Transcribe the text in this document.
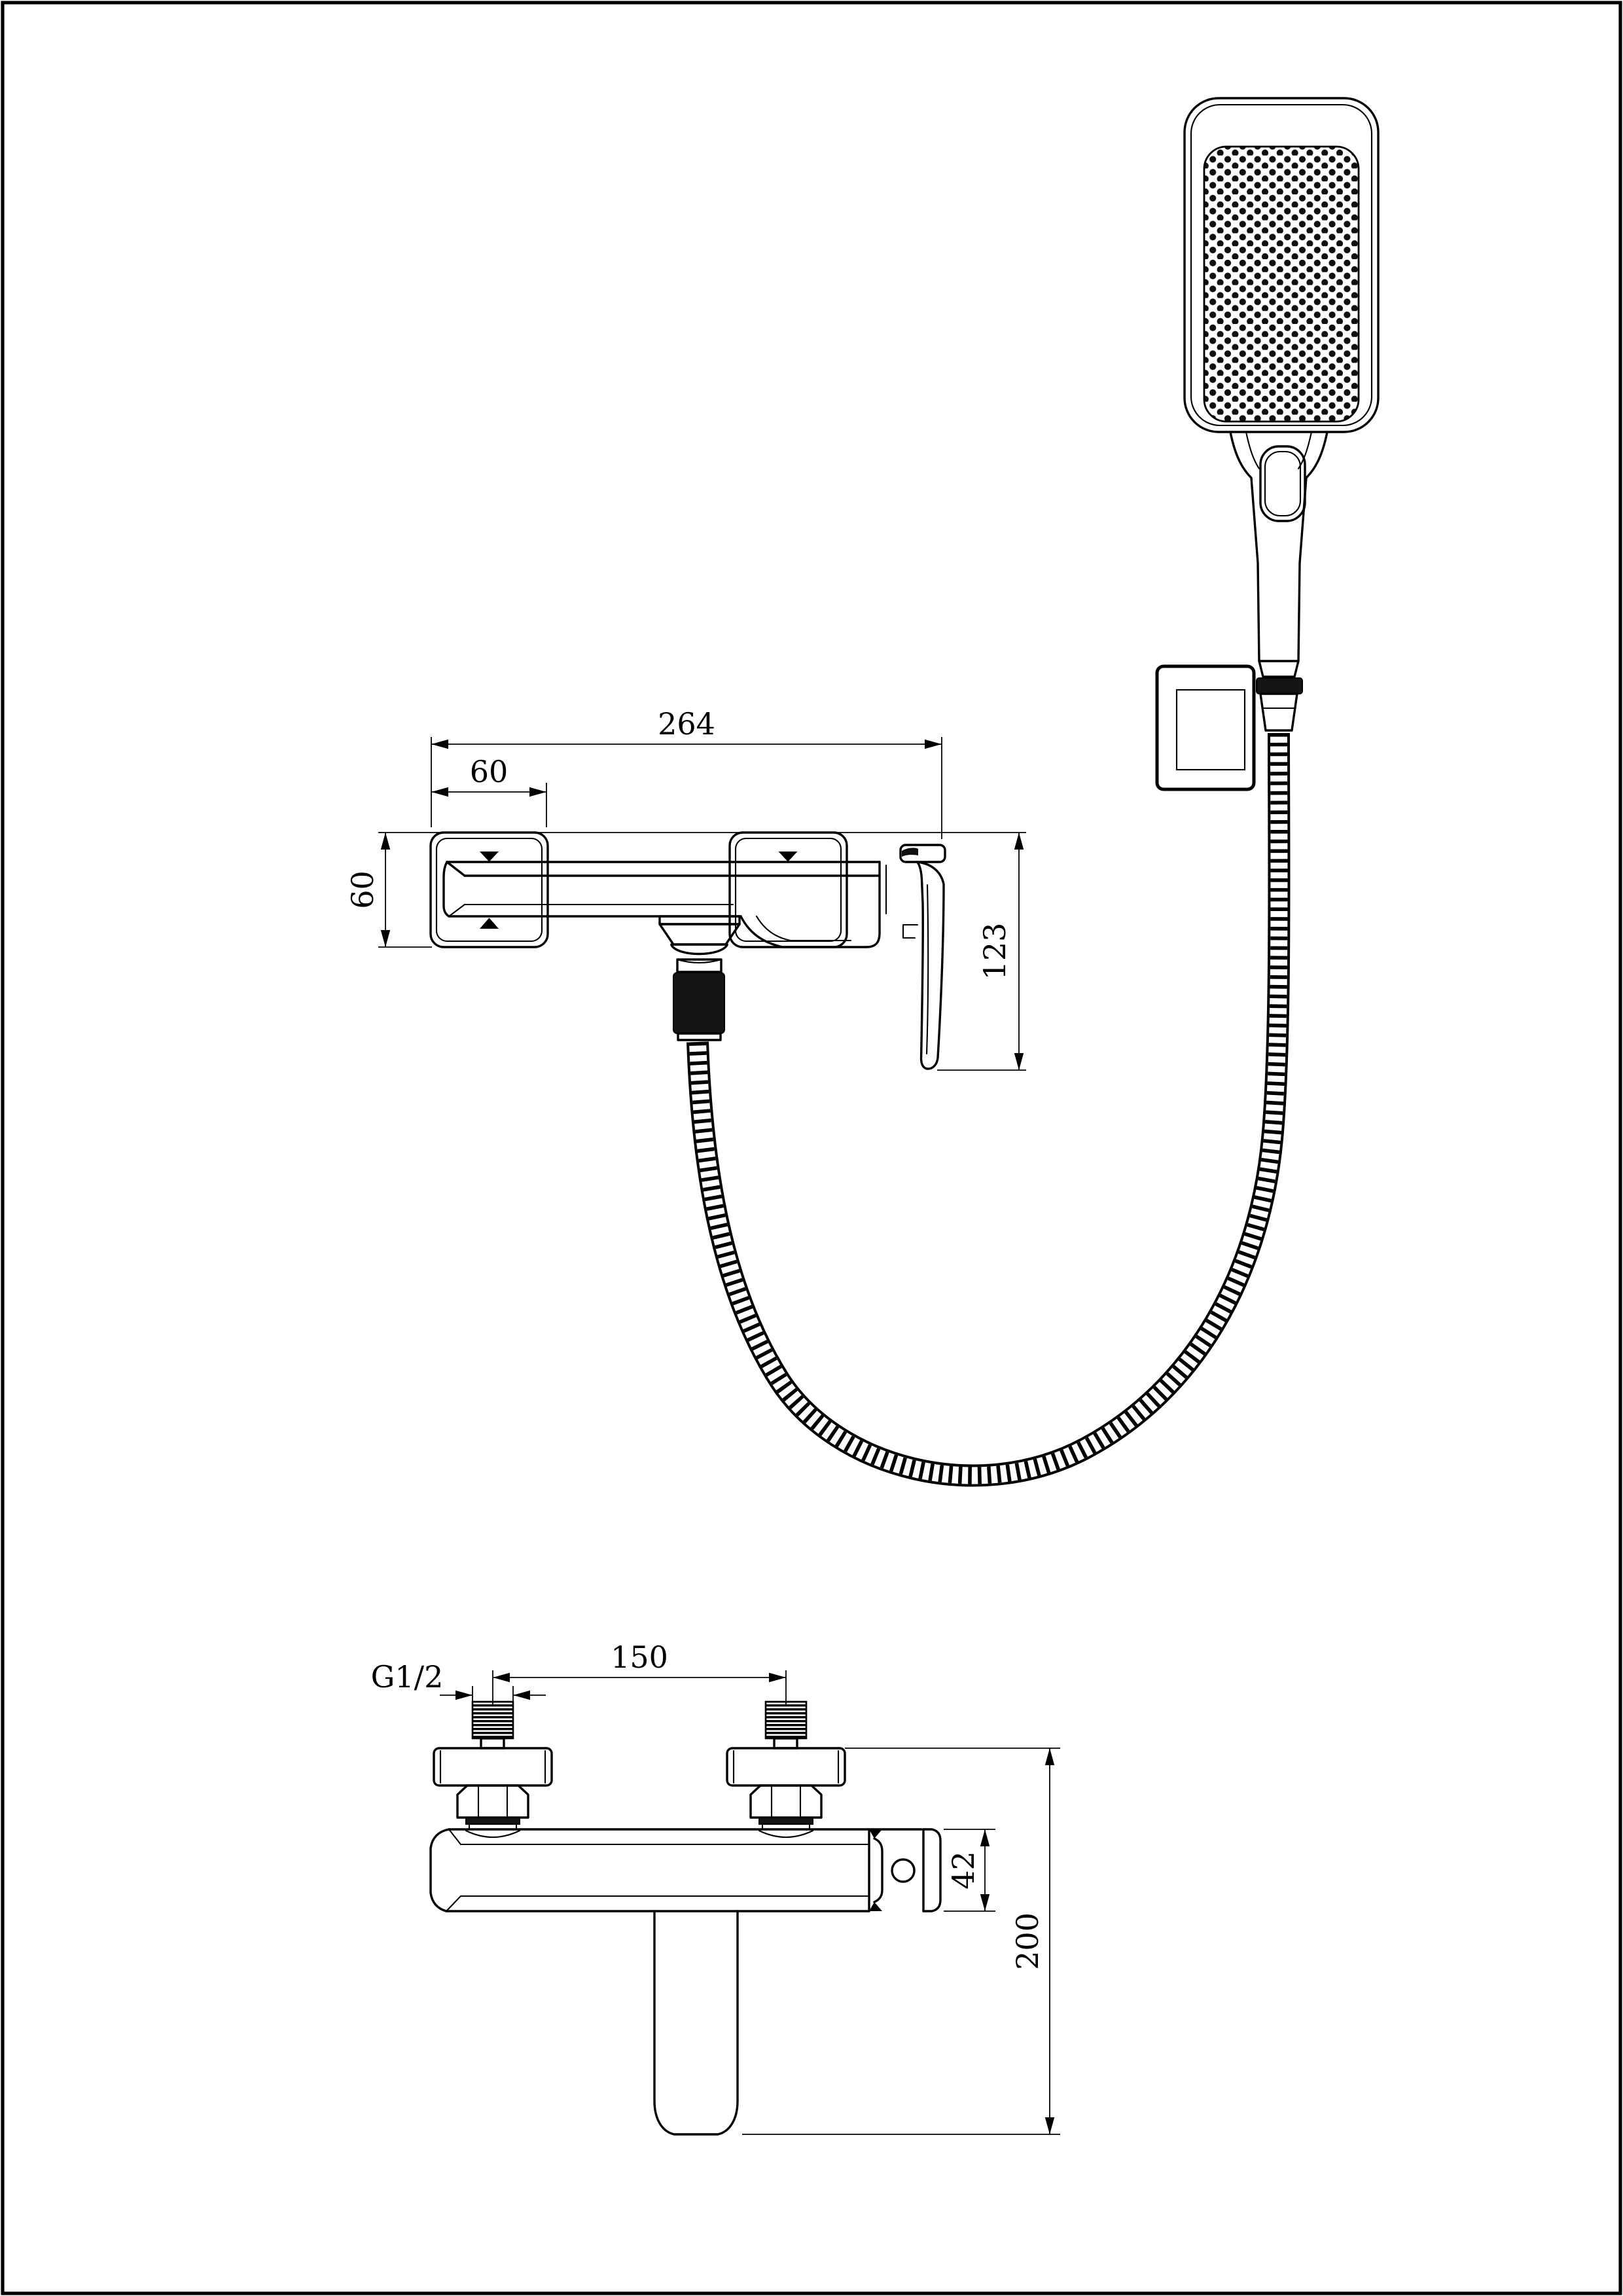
264
60
60
123
150
G1/2
42
200
